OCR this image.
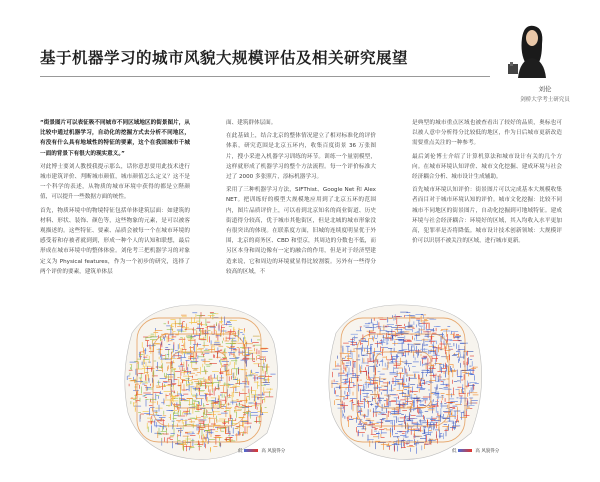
基于机器学习的城市风貌大规模评估及相关研究展望

刘伦

剑桥大学考土研究员

“街景图片可以表征吸不同城市不同区域地区的街景图片，从比较中通过机器学习，自动化的挖掘方式去分析不同地区，有没有什么具有地域性的特征的要素，这个在我国城市千城一面的背景下有很大的现实意义。”

对此博士要刘人教授我提示那么，话你意思要用此技术进行城市建筑评价、判断城市颜值，城市颜值怎么定义？这不是一个科学的表述，从物质的城市环境中获得的都是立陛颜值，可以提升一些数据方面的统性。

首先，物质环境中的物境特征包括单体建筑层面：如建筑的材料、形状、装饰、颜色等，这些物象的元素，是可以被客观描述的。这些特征、要素、品质会被每一个在城市环境的感受着和存被者就到到，形成一种个人的认知和联想，最后形成在城市环境中的整体体验。刘伦考三把机器学习的对象定义为 Physical features，作为一个初步的研究，选择了两个评价的要素，建筑单体层

面、建筑群体层面。

在此基础上，结合北京的整体情况建立了相对标准化的评价体系，研究范围是北京五环内，收集百度街景 36 万张图片，搜小采进入机器学习训练的环节。训练一个量别模型，这样就形成了机器学习的整个方法流程。每一个评价标准大过了 2000 多张照片，添标机器学习。

采用了三种机器学习方法，SIFThist、Google Net 和 Alex NET。把训练好的模型大规模地应用到了北京五环的范围内，图片品质评价上，可以看到北京知名的商业街道、历史街道得分较高，优于城市其他街区，但是北城的城市形象没有很突出的体现。在联系度方面，旧城的连续度明显优于外围，北京的商务区、CBD 和望京，其周边的分数也不低，而另区本身和周边像有一定的融合的作用，但是对于经济型建造来说，它和周边的环境就显得比较割裂。另外有一些得分较高的区域，不

是典型的城市重点区域也被查看出了较好的品质，奥标也可以被人意中分析得分比较低的地区，作为日后城市更新改造需要重点关注的一种参考。

最后刘伦博士介绍了计算机算法和城市设计有关的几个方向。在城市环境认知评价、城市文化挖掘、建成环境与社会经济耦合分析、城市设计生成辅助。

首先城市环境认知评价：街景图片可以完成基本大规模收集者而目对于城市环境认知的评价。城市文化挖掘：比较不同城市不同地区的街景图片，自动化挖掘到可地域特征。建成环境与社会经济耦合：环境好的区域，其入均收入水平更加高，犯罪率是否将降低。城市设计技术创新领域：大规模评价可以识别不被关注的区域，进行城市更新。

低	高 风貌得分	低	高 风貌得分
